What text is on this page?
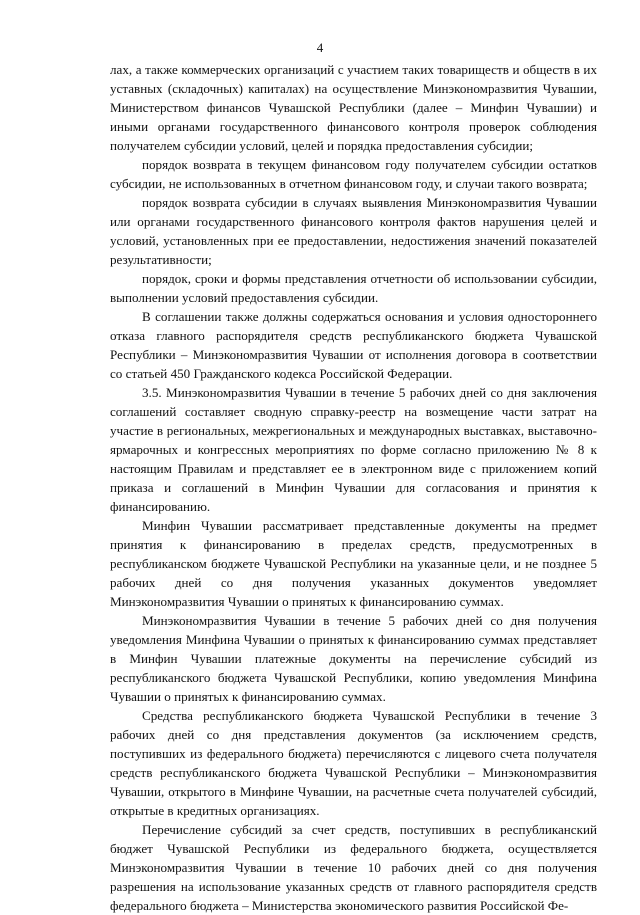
4

лах, а также коммерческих организаций с участием таких товариществ и обществ в их уставных (складочных) капиталах) на осуществление Минэкономразвития Чувашии, Министерством финансов Чувашской Республики (далее – Минфин Чувашии) и иными органами государственного финансового контроля проверок соблюдения получателем субсидии условий, целей и порядка предоставления субсидии;

порядок возврата в текущем финансовом году получателем субсидии остатков субсидии, не использованных в отчетном финансовом году, и случаи такого возврата;

порядок возврата субсидии в случаях выявления Минэкономразвития Чувашии или органами государственного финансового контроля фактов нарушения целей и условий, установленных при ее предоставлении, недостижения значений показателей результативности;

порядок, сроки и формы представления отчетности об использовании субсидии, выполнении условий предоставления субсидии.

В соглашении также должны содержаться основания и условия одностороннего отказа главного распорядителя средств республиканского бюджета Чувашской Республики – Минэкономразвития Чувашии от исполнения договора в соответствии со статьей 450 Гражданского кодекса Российской Федерации.

3.5. Минэкономразвития Чувашии в течение 5 рабочих дней со дня заключения соглашений составляет сводную справку-реестр на возмещение части затрат на участие в региональных, межрегиональных и международных выставках, выставочно-ярмарочных и конгрессных мероприятиях по форме согласно приложению № 8 к настоящим Правилам и представляет ее в электронном виде с приложением копий приказа и соглашений в Минфин Чувашии для согласования и принятия к финансированию.

Минфин Чувашии рассматривает представленные документы на предмет принятия к финансированию в пределах средств, предусмотренных в республиканском бюджете Чувашской Республики на указанные цели, и не позднее 5 рабочих дней со дня получения указанных документов уведомляет Минэкономразвития Чувашии о принятых к финансированию суммах.

Минэкономразвития Чувашии в течение 5 рабочих дней со дня получения уведомления Минфина Чувашии о принятых к финансированию суммах представляет в Минфин Чувашии платежные документы на перечисление субсидий из республиканского бюджета Чувашской Республики, копию уведомления Минфина Чувашии о принятых к финансированию суммах.

Средства республиканского бюджета Чувашской Республики в течение 3 рабочих дней со дня представления документов (за исключением средств, поступивших из федерального бюджета) перечисляются с лицевого счета получателя средств республиканского бюджета Чувашской Республики – Минэкономразвития Чувашии, открытого в Минфине Чувашии, на расчетные счета получателей субсидий, открытые в кредитных организациях.

Перечисление субсидий за счет средств, поступивших в республиканский бюджет Чувашской Республики из федерального бюджета, осуществляется Минэкономразвития Чувашии в течение 10 рабочих дней со дня получения разрешения на использование указанных средств от главного распорядителя средств федерального бюджета – Министерства экономического развития Российской Фе-
